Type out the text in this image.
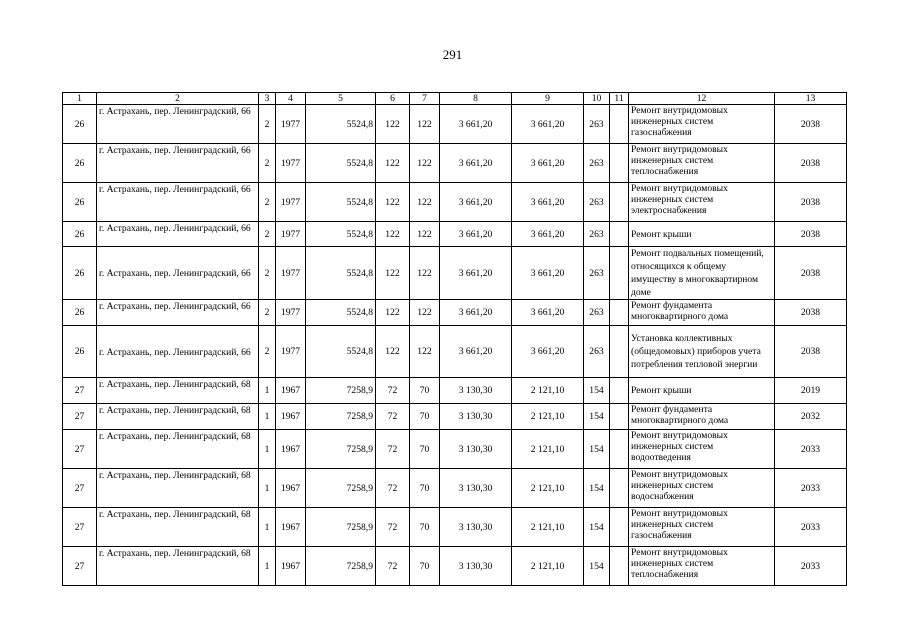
291
1	2	3	4	5	6	7	8	9	10	11	12	13
26	г. Астрахань, пер. Ленинградский, 66	2	1977	5524,8	122	122	3 661,20	3 661,20	263		Ремонт внутридомовых инженерных систем газоснабжения	2038
26	г. Астрахань, пер. Ленинградский, 66	2	1977	5524,8	122	122	3 661,20	3 661,20	263		Ремонт внутридомовых инженерных систем теплоснабжения	2038
26	г. Астрахань, пер. Ленинградский, 66	2	1977	5524,8	122	122	3 661,20	3 661,20	263		Ремонт внутридомовых инженерных систем электроснабжения	2038
26	г. Астрахань, пер. Ленинградский, 66	2	1977	5524,8	122	122	3 661,20	3 661,20	263		Ремонт крыши	2038
26	г. Астрахань, пер. Ленинградский, 66	2	1977	5524,8	122	122	3 661,20	3 661,20	263		Ремонт подвальных помещений, относящихся к общему имуществу в многоквартирном доме	2038
26	г. Астрахань, пер. Ленинградский, 66	2	1977	5524,8	122	122	3 661,20	3 661,20	263		Ремонт фундамента многоквартирного дома	2038
26	г. Астрахань, пер. Ленинградский, 66	2	1977	5524,8	122	122	3 661,20	3 661,20	263		Установка коллективных (общедомовых) приборов учета потребления тепловой энергии	2038
27	г. Астрахань, пер. Ленинградский, 68	1	1967	7258,9	72	70	3 130,30	2 121,10	154		Ремонт крыши	2019
27	г. Астрахань, пер. Ленинградский, 68	1	1967	7258,9	72	70	3 130,30	2 121,10	154		Ремонт фундамента многоквартирного дома	2032
27	г. Астрахань, пер. Ленинградский, 68	1	1967	7258,9	72	70	3 130,30	2 121,10	154		Ремонт внутридомовых инженерных систем водоотведения	2033
27	г. Астрахань, пер. Ленинградский, 68	1	1967	7258,9	72	70	3 130,30	2 121,10	154		Ремонт внутридомовых инженерных систем водоснабжения	2033
27	г. Астрахань, пер. Ленинградский, 68	1	1967	7258,9	72	70	3 130,30	2 121,10	154		Ремонт внутридомовых инженерных систем газоснабжения	2033
27	г. Астрахань, пер. Ленинградский, 68	1	1967	7258,9	72	70	3 130,30	2 121,10	154		Ремонт внутридомовых инженерных систем теплоснабжения	2033
